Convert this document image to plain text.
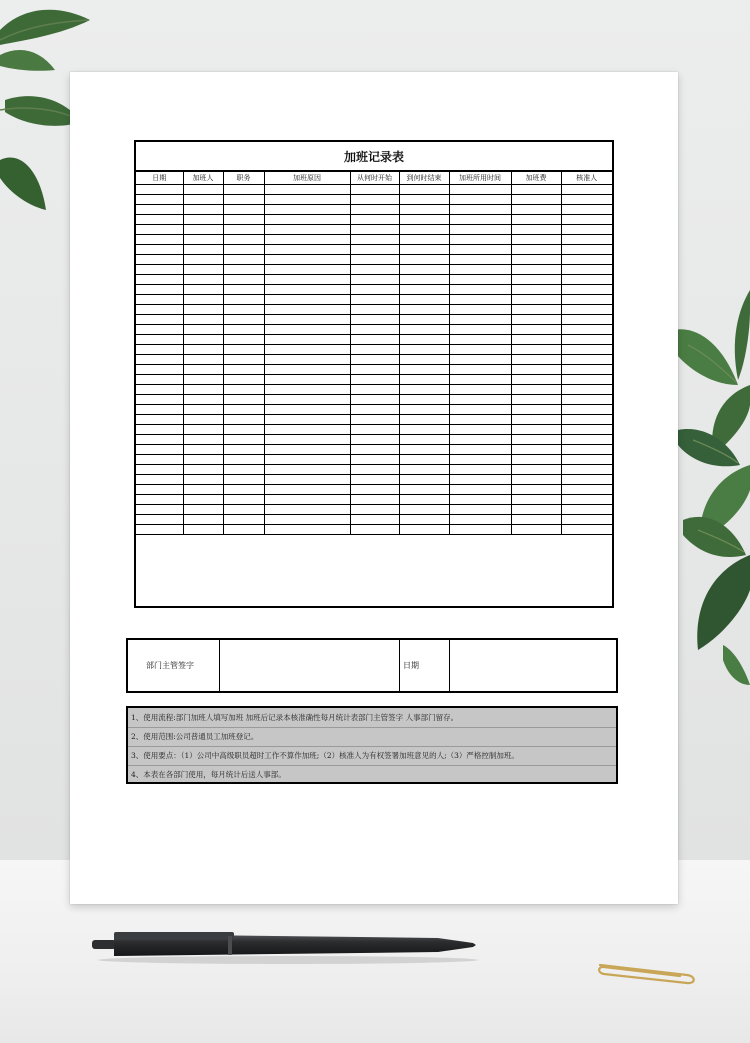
加班记录表
日期	加班人	职务	加班原因	从何时开始	到何时结束	加班所用时间	加班费	核准人

部门主管签字	日期
1、使用流程:部门加班人填写加班 加班后记录本核准确性每月统计表部门主管签字 人事部门留存。
2、使用范围:公司普通员工加班登记。
3、使用要点：（1）公司中高级职员超时工作不算作加班;（2）核准人为有权签署加班意见的人;（3）严格控制加班。
4、本表在各部门使用，每月统计后送人事部。
